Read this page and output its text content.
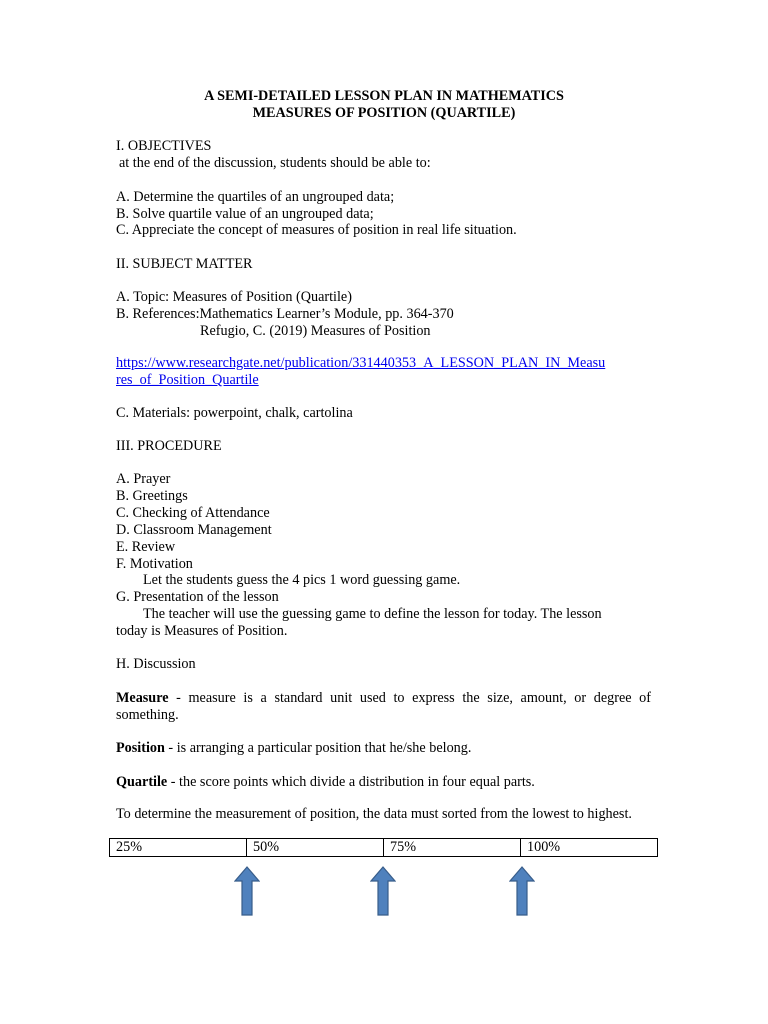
A SEMI-DETAILED LESSON PLAN IN MATHEMATICS
MEASURES OF POSITION (QUARTILE)
I. OBJECTIVES
at the end of the discussion, students should be able to:
A. Determine the quartiles of an ungrouped data;
B. Solve quartile value of an ungrouped data;
C. Appreciate the concept of measures of position in real life situation.
II. SUBJECT MATTER
A. Topic: Measures of Position (Quartile)
B. References:Mathematics Learner’s Module, pp. 364-370
Refugio, C. (2019) Measures of Position
https://www.researchgate.net/publication/331440353_A_LESSON_PLAN_IN_Measu
res_of_Position_Quartile
C. Materials: powerpoint, chalk, cartolina
III. PROCEDURE
A. Prayer
B. Greetings
C. Checking of Attendance
D. Classroom Management
E. Review
F. Motivation
Let the students guess the 4 pics 1 word guessing game.
G. Presentation of the lesson
The teacher will use the guessing game to define the lesson for today. The lesson
today is Measures of Position.
H. Discussion
Measure - measure is a standard unit used to express the size, amount, or degree of something.
Position - is arranging a particular position that he/she belong.
Quartile - the score points which divide a distribution in four equal parts.
To determine the measurement of position, the data must sorted from the lowest to highest.
25%	50%	75%	100%
